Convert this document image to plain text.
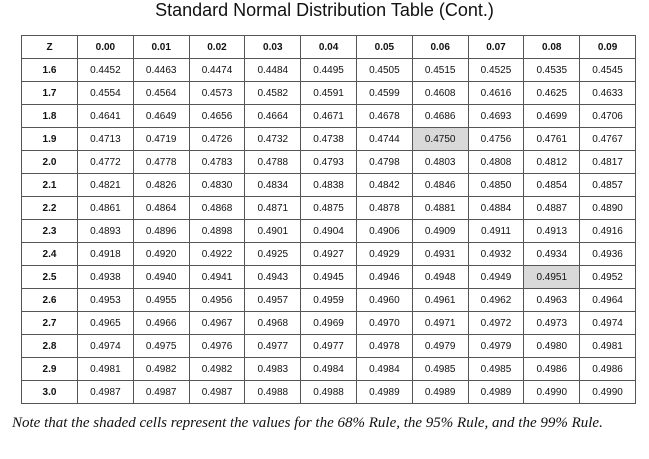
Standard Normal Distribution Table (Cont.)
Z	0.00	0.01	0.02	0.03	0.04	0.05	0.06	0.07	0.08	0.09
1.6	0.4452	0.4463	0.4474	0.4484	0.4495	0.4505	0.4515	0.4525	0.4535	0.4545
1.7	0.4554	0.4564	0.4573	0.4582	0.4591	0.4599	0.4608	0.4616	0.4625	0.4633
1.8	0.4641	0.4649	0.4656	0.4664	0.4671	0.4678	0.4686	0.4693	0.4699	0.4706
1.9	0.4713	0.4719	0.4726	0.4732	0.4738	0.4744	0.4750	0.4756	0.4761	0.4767
2.0	0.4772	0.4778	0.4783	0.4788	0.4793	0.4798	0.4803	0.4808	0.4812	0.4817
2.1	0.4821	0.4826	0.4830	0.4834	0.4838	0.4842	0.4846	0.4850	0.4854	0.4857
2.2	0.4861	0.4864	0.4868	0.4871	0.4875	0.4878	0.4881	0.4884	0.4887	0.4890
2.3	0.4893	0.4896	0.4898	0.4901	0.4904	0.4906	0.4909	0.4911	0.4913	0.4916
2.4	0.4918	0.4920	0.4922	0.4925	0.4927	0.4929	0.4931	0.4932	0.4934	0.4936
2.5	0.4938	0.4940	0.4941	0.4943	0.4945	0.4946	0.4948	0.4949	0.4951	0.4952
2.6	0.4953	0.4955	0.4956	0.4957	0.4959	0.4960	0.4961	0.4962	0.4963	0.4964
2.7	0.4965	0.4966	0.4967	0.4968	0.4969	0.4970	0.4971	0.4972	0.4973	0.4974
2.8	0.4974	0.4975	0.4976	0.4977	0.4977	0.4978	0.4979	0.4979	0.4980	0.4981
2.9	0.4981	0.4982	0.4982	0.4983	0.4984	0.4984	0.4985	0.4985	0.4986	0.4986
3.0	0.4987	0.4987	0.4987	0.4988	0.4988	0.4989	0.4989	0.4989	0.4990	0.4990
Note that the shaded cells represent the values for the 68% Rule, the 95% Rule, and the 99% Rule.
